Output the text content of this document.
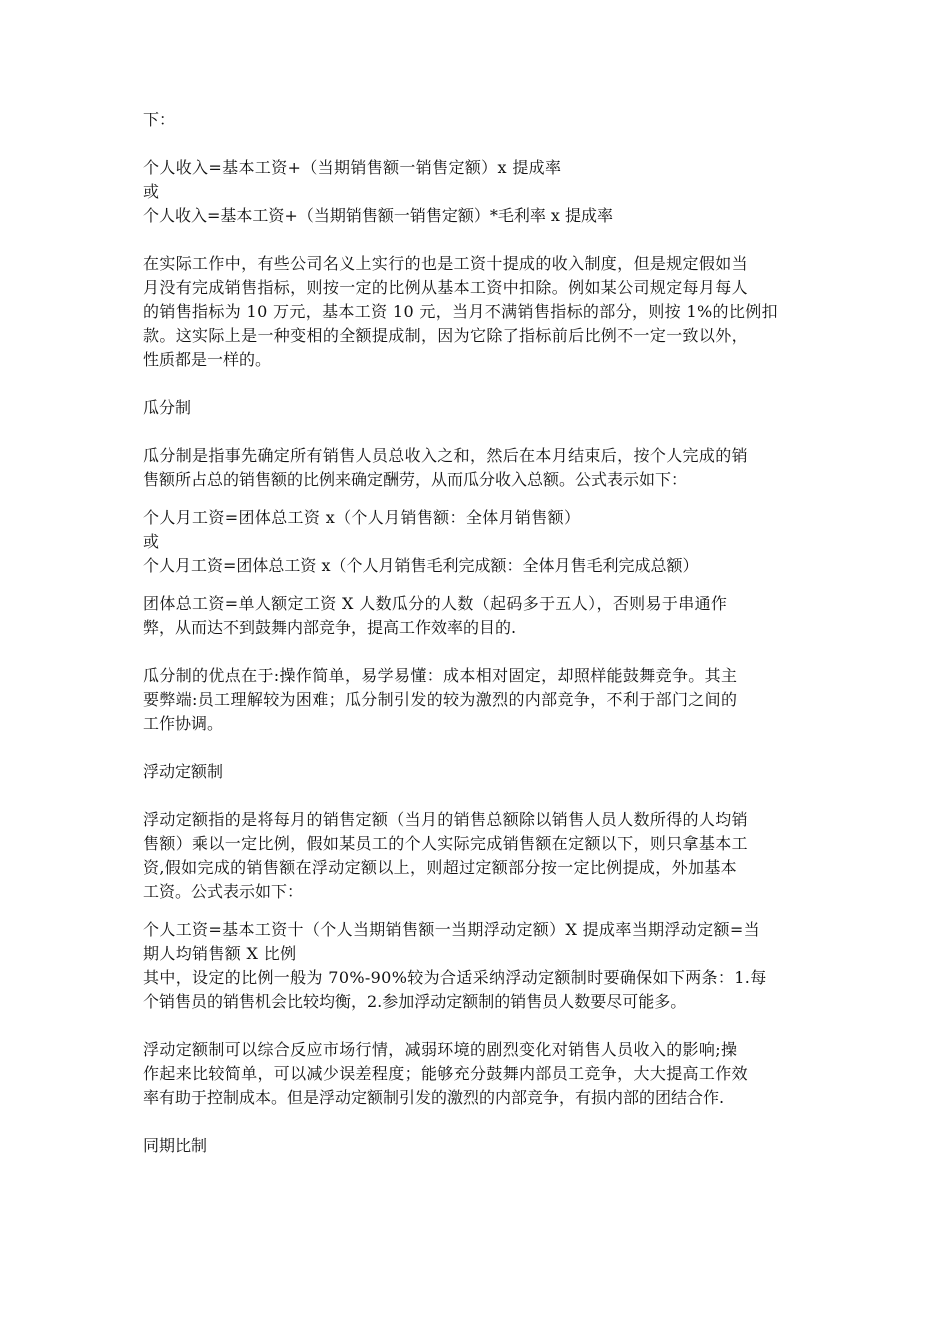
下：
个人收入=基本工资+（当期销售额一销售定额）x 提成率
或
个人收入=基本工资+（当期销售额一销售定额）*毛利率 x 提成率
在实际工作中，有些公司名义上实行的也是工资十提成的收入制度，但是规定假如当
月没有完成销售指标，则按一定的比例从基本工资中扣除。例如某公司规定每月每人
的销售指标为 10 万元，基本工资 10 元，当月不满销售指标的部分，则按 1%的比例扣
款。这实际上是一种变相的全额提成制，因为它除了指标前后比例不一定一致以外，
性质都是一样的。
瓜分制
瓜分制是指事先确定所有销售人员总收入之和，然后在本月结束后，按个人完成的销
售额所占总的销售额的比例来确定酬劳，从而瓜分收入总额。公式表示如下：
个人月工资=团体总工资 x（个人月销售额：全体月销售额）
或
个人月工资=团体总工资 x（个人月销售毛利完成额：全体月售毛利完成总额）
团体总工资=单人额定工资 X 人数瓜分的人数（起码多于五人），否则易于串通作
弊，从而达不到鼓舞内部竞争，提高工作效率的目的.
瓜分制的优点在于:操作简单，易学易懂：成本相对固定，却照样能鼓舞竞争。其主
要弊端:员工理解较为困难；瓜分制引发的较为激烈的内部竞争，不利于部门之间的
工作协调。
浮动定额制
浮动定额指的是将每月的销售定额（当月的销售总额除以销售人员人数所得的人均销
售额）乘以一定比例，假如某员工的个人实际完成销售额在定额以下，则只拿基本工
资,假如完成的销售额在浮动定额以上，则超过定额部分按一定比例提成，外加基本
工资。公式表示如下：
个人工资=基本工资十（个人当期销售额一当期浮动定额）X 提成率当期浮动定额=当
期人均销售额 X 比例
其中，设定的比例一般为 70%-90%较为合适采纳浮动定额制时要确保如下两条：1.每
个销售员的销售机会比较均衡，2.参加浮动定额制的销售员人数要尽可能多。
浮动定额制可以综合反应市场行情，减弱环境的剧烈变化对销售人员收入的影响;操
作起来比较简单，可以减少误差程度；能够充分鼓舞内部员工竞争，大大提高工作效
率有助于控制成本。但是浮动定额制引发的激烈的内部竞争，有损内部的团结合作.
同期比制
